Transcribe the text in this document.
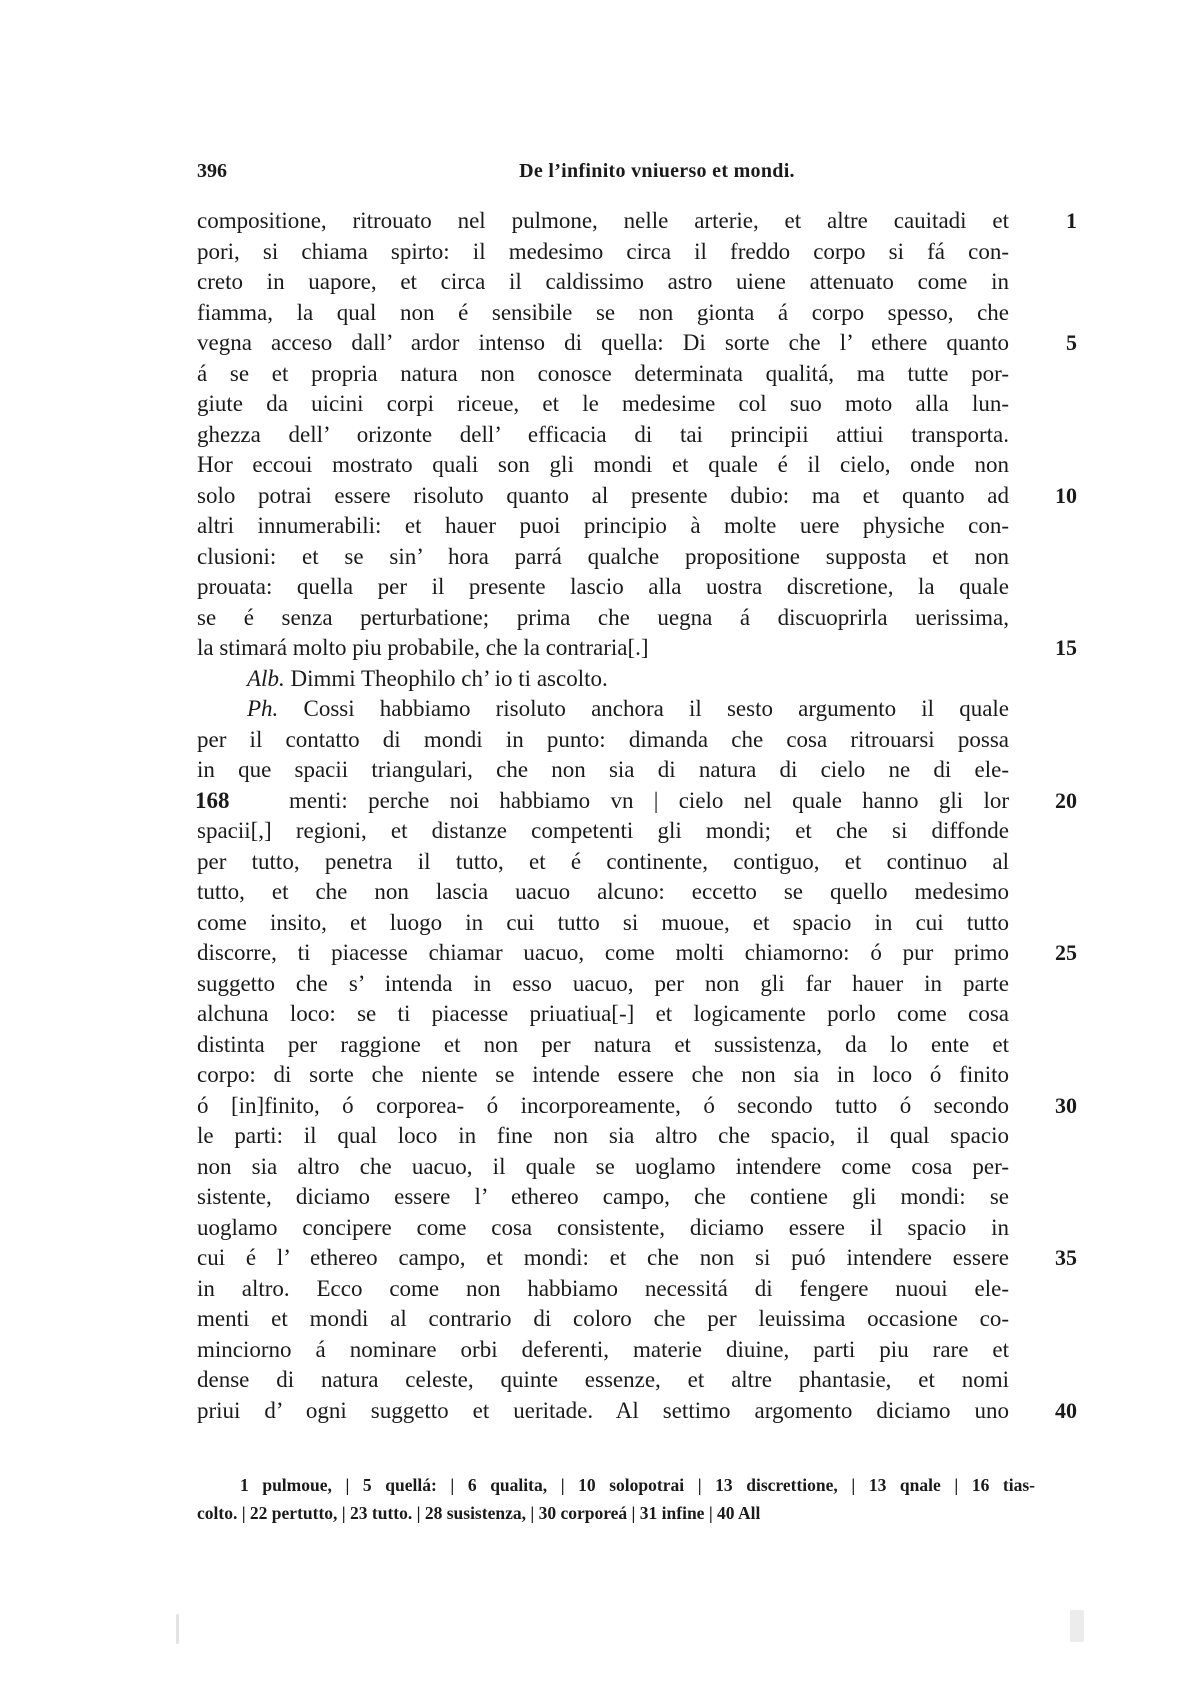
396	De l’infinito vniuerso et mondi.
compositione, ritrouato nel pulmone, nelle arterie, et altre cauitadi et	1
pori, si chiama spirto: il medesimo circa il freddo corpo si fá con-
creto in uapore, et circa il caldissimo astro uiene attenuato come in
fiamma, la qual non é sensibile se non gionta á corpo spesso, che
vegna acceso dall’ ardor intenso di quella: Di sorte che l’ ethere quanto	5
á se et propria natura non conosce determinata qualitá, ma tutte por-
giute da uicini corpi riceue, et le medesime col suo moto alla lun-
ghezza dell’ orizonte dell’ efficacia di tai principii attiui transporta.
Hor eccoui mostrato quali son gli mondi et quale é il cielo, onde non
solo potrai essere risoluto quanto al presente dubio: ma et quanto ad	10
altri innumerabili: et hauer puoi principio à molte uere physiche con-
clusioni: et se sin’ hora parrá qualche propositione supposta et non
prouata: quella per il presente lascio alla uostra discretione, la quale
se é senza perturbatione; prima che uegna á discuoprirla uerissima,
la stimará molto piu probabile, che la contraria[.]	15
Alb. Dimmi Theophilo ch’ io ti ascolto.
Ph. Cossi habbiamo risoluto anchora il sesto argumento il quale
per il contatto di mondi in punto: dimanda che cosa ritrouarsi possa
in que spacii triangulari, che non sia di natura di cielo ne di ele-
168	menti: perche noi habbiamo vn | cielo nel quale hanno gli lor	20
spacii[,] regioni, et distanze competenti gli mondi; et che si diffonde
per tutto, penetra il tutto, et é continente, contiguo, et continuo al
tutto, et che non lascia uacuo alcuno: eccetto se quello medesimo
come insito, et luogo in cui tutto si muoue, et spacio in cui tutto
discorre, ti piacesse chiamar uacuo, come molti chiamorno: ó pur primo	25
suggetto che s’ intenda in esso uacuo, per non gli far hauer in parte
alchuna loco: se ti piacesse priuatiua[-] et logicamente porlo come cosa
distinta per raggione et non per natura et sussistenza, da lo ente et
corpo: di sorte che niente se intende essere che non sia in loco ó finito
ó [in]finito, ó corporea- ó incorporeamente, ó secondo tutto ó secondo	30
le parti: il qual loco in fine non sia altro che spacio, il qual spacio
non sia altro che uacuo, il quale se uoglamo intendere come cosa per-
sistente, diciamo essere l’ ethereo campo, che contiene gli mondi: se
uoglamo concipere come cosa consistente, diciamo essere il spacio in
cui é l’ ethereo campo, et mondi: et che non si puó intendere essere	35
in altro. Ecco come non habbiamo necessitá di fengere nuoui ele-
menti et mondi al contrario di coloro che per leuissima occasione co-
minciorno á nominare orbi deferenti, materie diuine, parti piu rare et
dense di natura celeste, quinte essenze, et altre phantasie, et nomi
priui d’ ogni suggetto et ueritade. Al settimo argomento diciamo uno	40
1 pulmoue, | 5 quellá: | 6 qualita, | 10 solopotrai | 13 discrettione, | 13 qnale | 16 tias-
colto. | 22 pertutto, | 23 tutto. | 28 susistenza, | 30 corporeá | 31 infine | 40 All
